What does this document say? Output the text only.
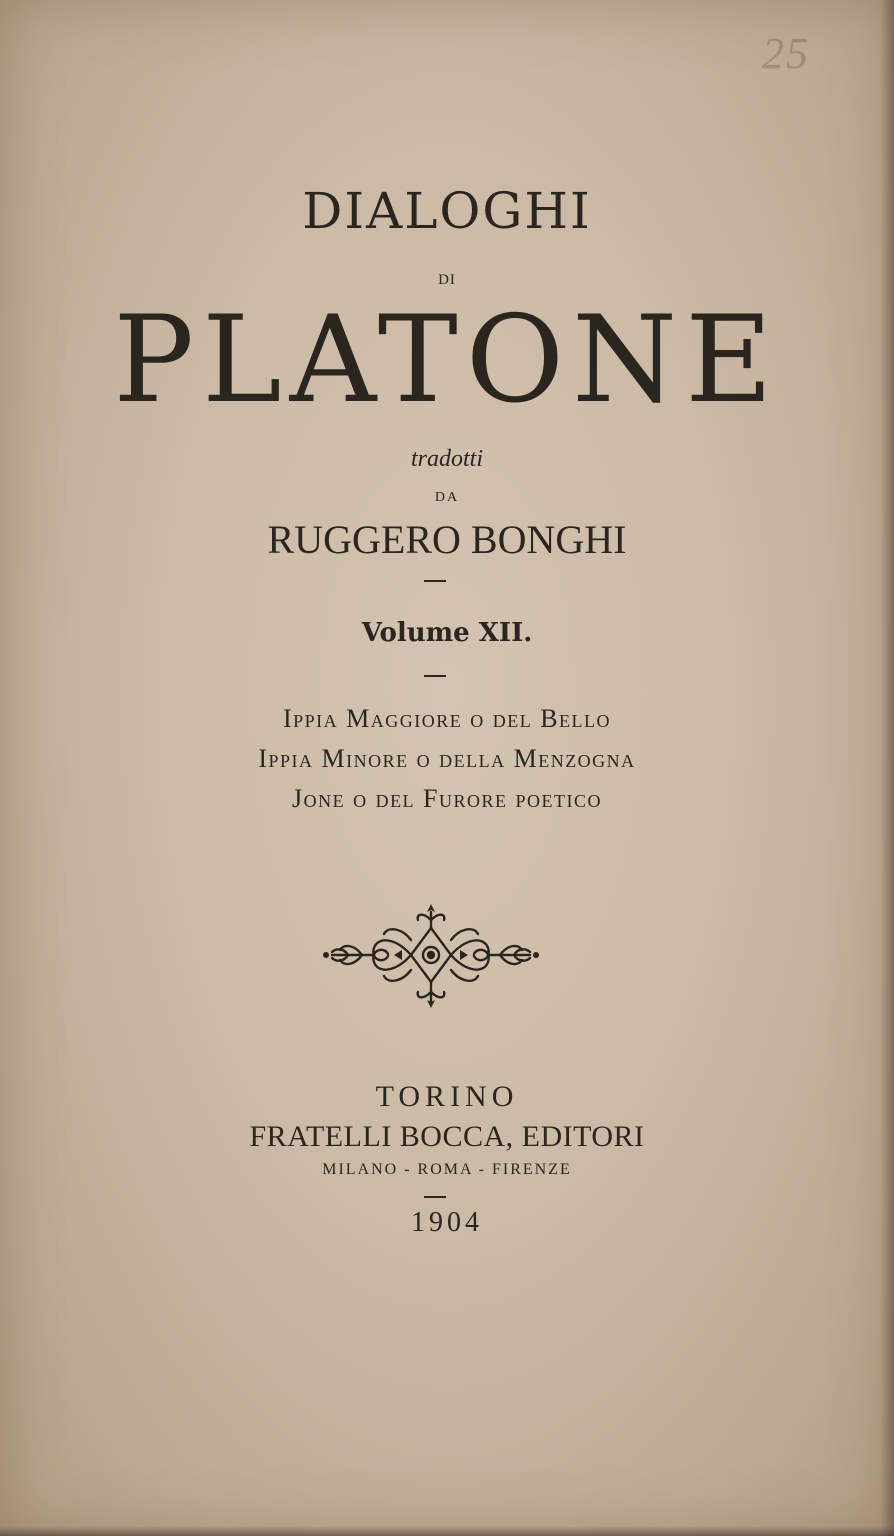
25
DIALOGHI
DI
PLATONE
tradotti
DA
RUGGERO BONGHI
Volume XII.
Ippia Maggiore o del Bello
Ippia Minore o della Menzogna
Jone o del Furore poetico
TORINO
FRATELLI BOCCA, EDITORI
MILANO - ROMA - FIRENZE
1904
